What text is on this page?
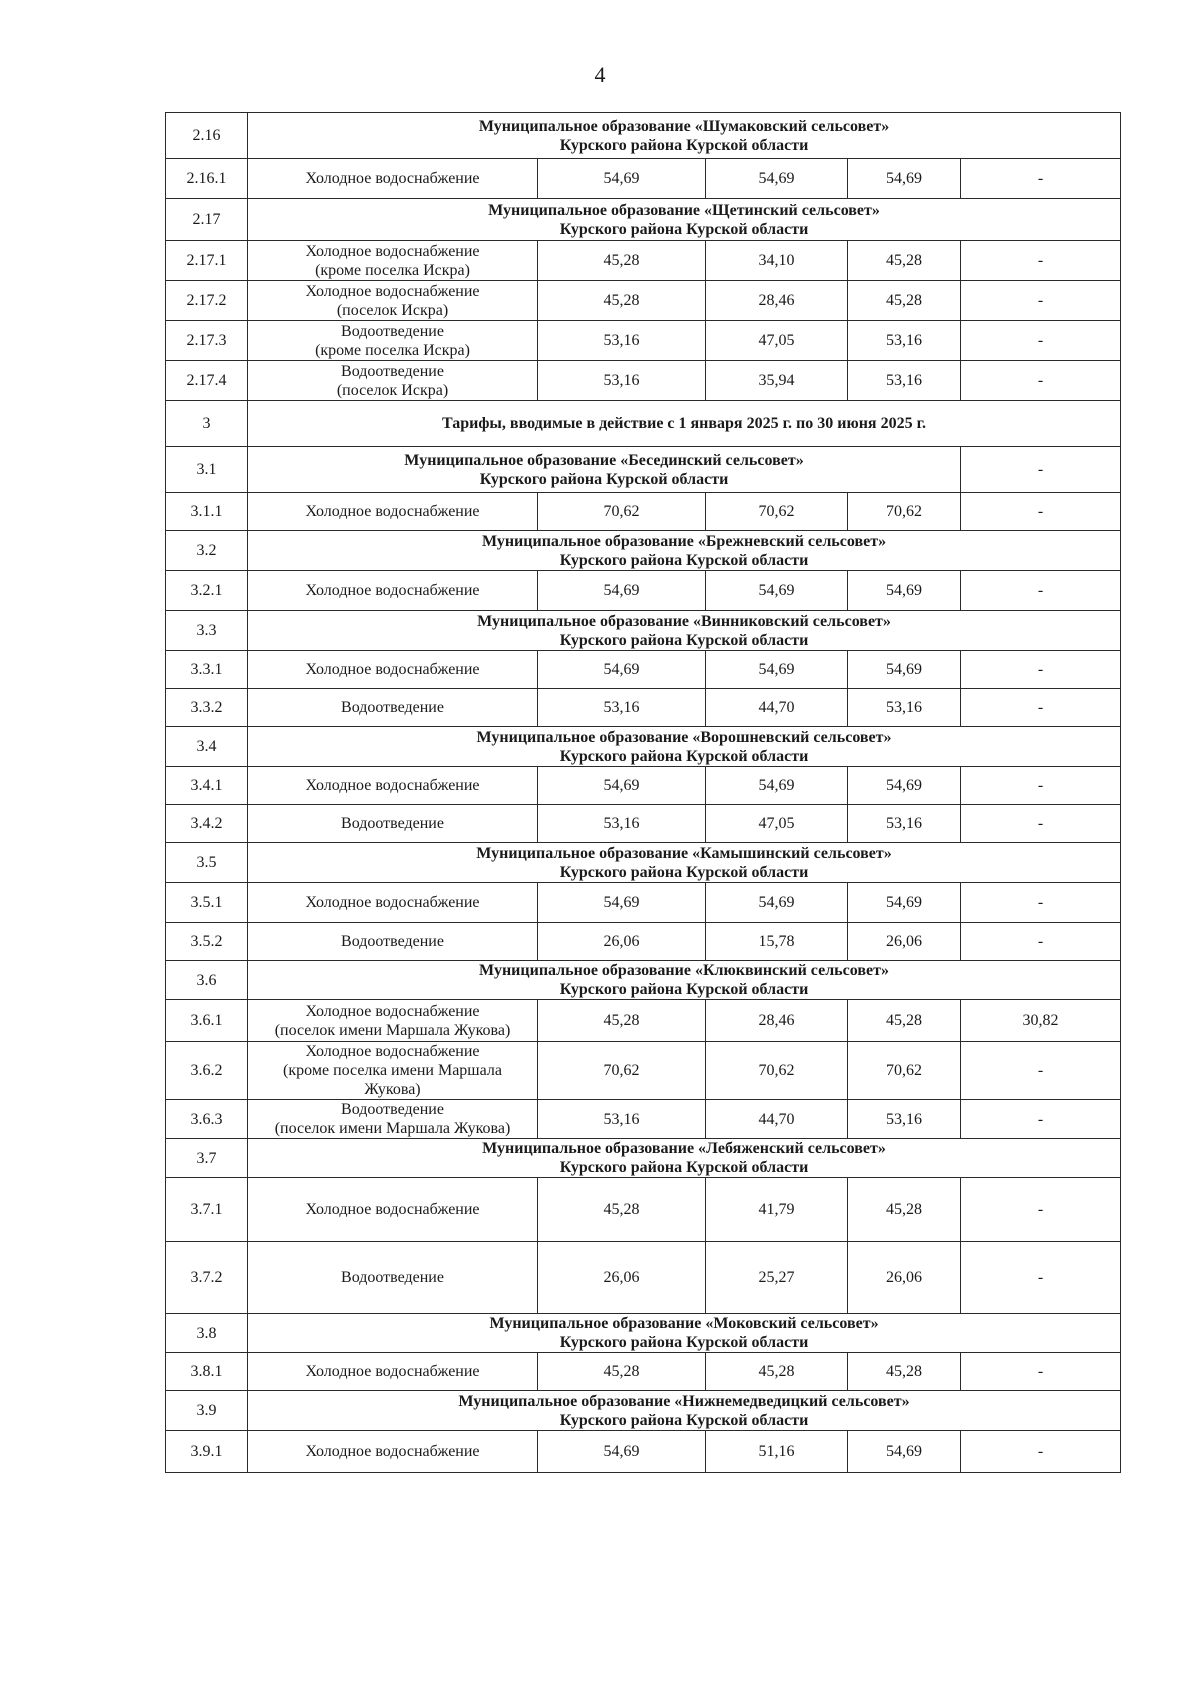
4
2.16	Муниципальное образование «Шумаковский сельсовет»
Курского района Курской области				

2.16.1	Холодное водоснабжение	54,69	54,69	54,69	-
2.17	Муниципальное образование «Щетинский сельсовет»
Курского района Курской области				

2.17.1	Холодное водоснабжение
(кроме поселка Искра)	45,28	34,10	45,28	-
2.17.2	Холодное водоснабжение
(поселок Искра)	45,28	28,46	45,28	-
2.17.3	Водоотведение
(кроме поселка Искра)	53,16	47,05	53,16	-
2.17.4	Водоотведение
(поселок Искра)	53,16	35,94	53,16	-
3	Тарифы, вводимые в действие с 1 января 2025 г. по 30 июня 2025 г.				
3.1	Муниципальное образование «Бесединский сельсовет»
Курского района Курской области				-
3.1.1	Холодное водоснабжение	70,62	70,62	70,62	-
3.2	Муниципальное образование «Брежневский сельсовет»
Курского района Курской области				

3.2.1	Холодное водоснабжение	54,69	54,69	54,69	-
3.3	Муниципальное образование «Винниковский сельсовет»
Курского района Курской области				

3.3.1	Холодное водоснабжение	54,69	54,69	54,69	-
3.3.2	Водоотведение	53,16	44,70	53,16	-
3.4	Муниципальное образование «Ворошневский сельсовет»
Курского района Курской области				

3.4.1	Холодное водоснабжение	54,69	54,69	54,69	-
3.4.2	Водоотведение	53,16	47,05	53,16	-
3.5	Муниципальное образование «Камышинский сельсовет»
Курского района Курской области				

3.5.1	Холодное водоснабжение	54,69	54,69	54,69	-
3.5.2	Водоотведение	26,06	15,78	26,06	-
3.6	Муниципальное образование «Клюквинский сельсовет»
Курского района Курской области				

3.6.1	Холодное водоснабжение
(поселок имени Маршала Жукова)	45,28	28,46	45,28	30,82
3.6.2	Холодное водоснабжение
(кроме поселка имени Маршала
Жукова)	70,62	70,62	70,62	-
3.6.3	Водоотведение
(поселок имени Маршала Жукова)	53,16	44,70	53,16	-
3.7	Муниципальное образование «Лебяженский сельсовет»
Курского района Курской области				

3.7.1	Холодное водоснабжение	45,28	41,79	45,28	-
3.7.2	Водоотведение	26,06	25,27	26,06	-
3.8	Муниципальное образование «Моковский сельсовет»
Курского района Курской области				

3.8.1	Холодное водоснабжение	45,28	45,28	45,28	-
3.9	Муниципальное образование «Нижнемедведицкий сельсовет»
Курского района Курской области				

3.9.1	Холодное водоснабжение	54,69	51,16	54,69	-
